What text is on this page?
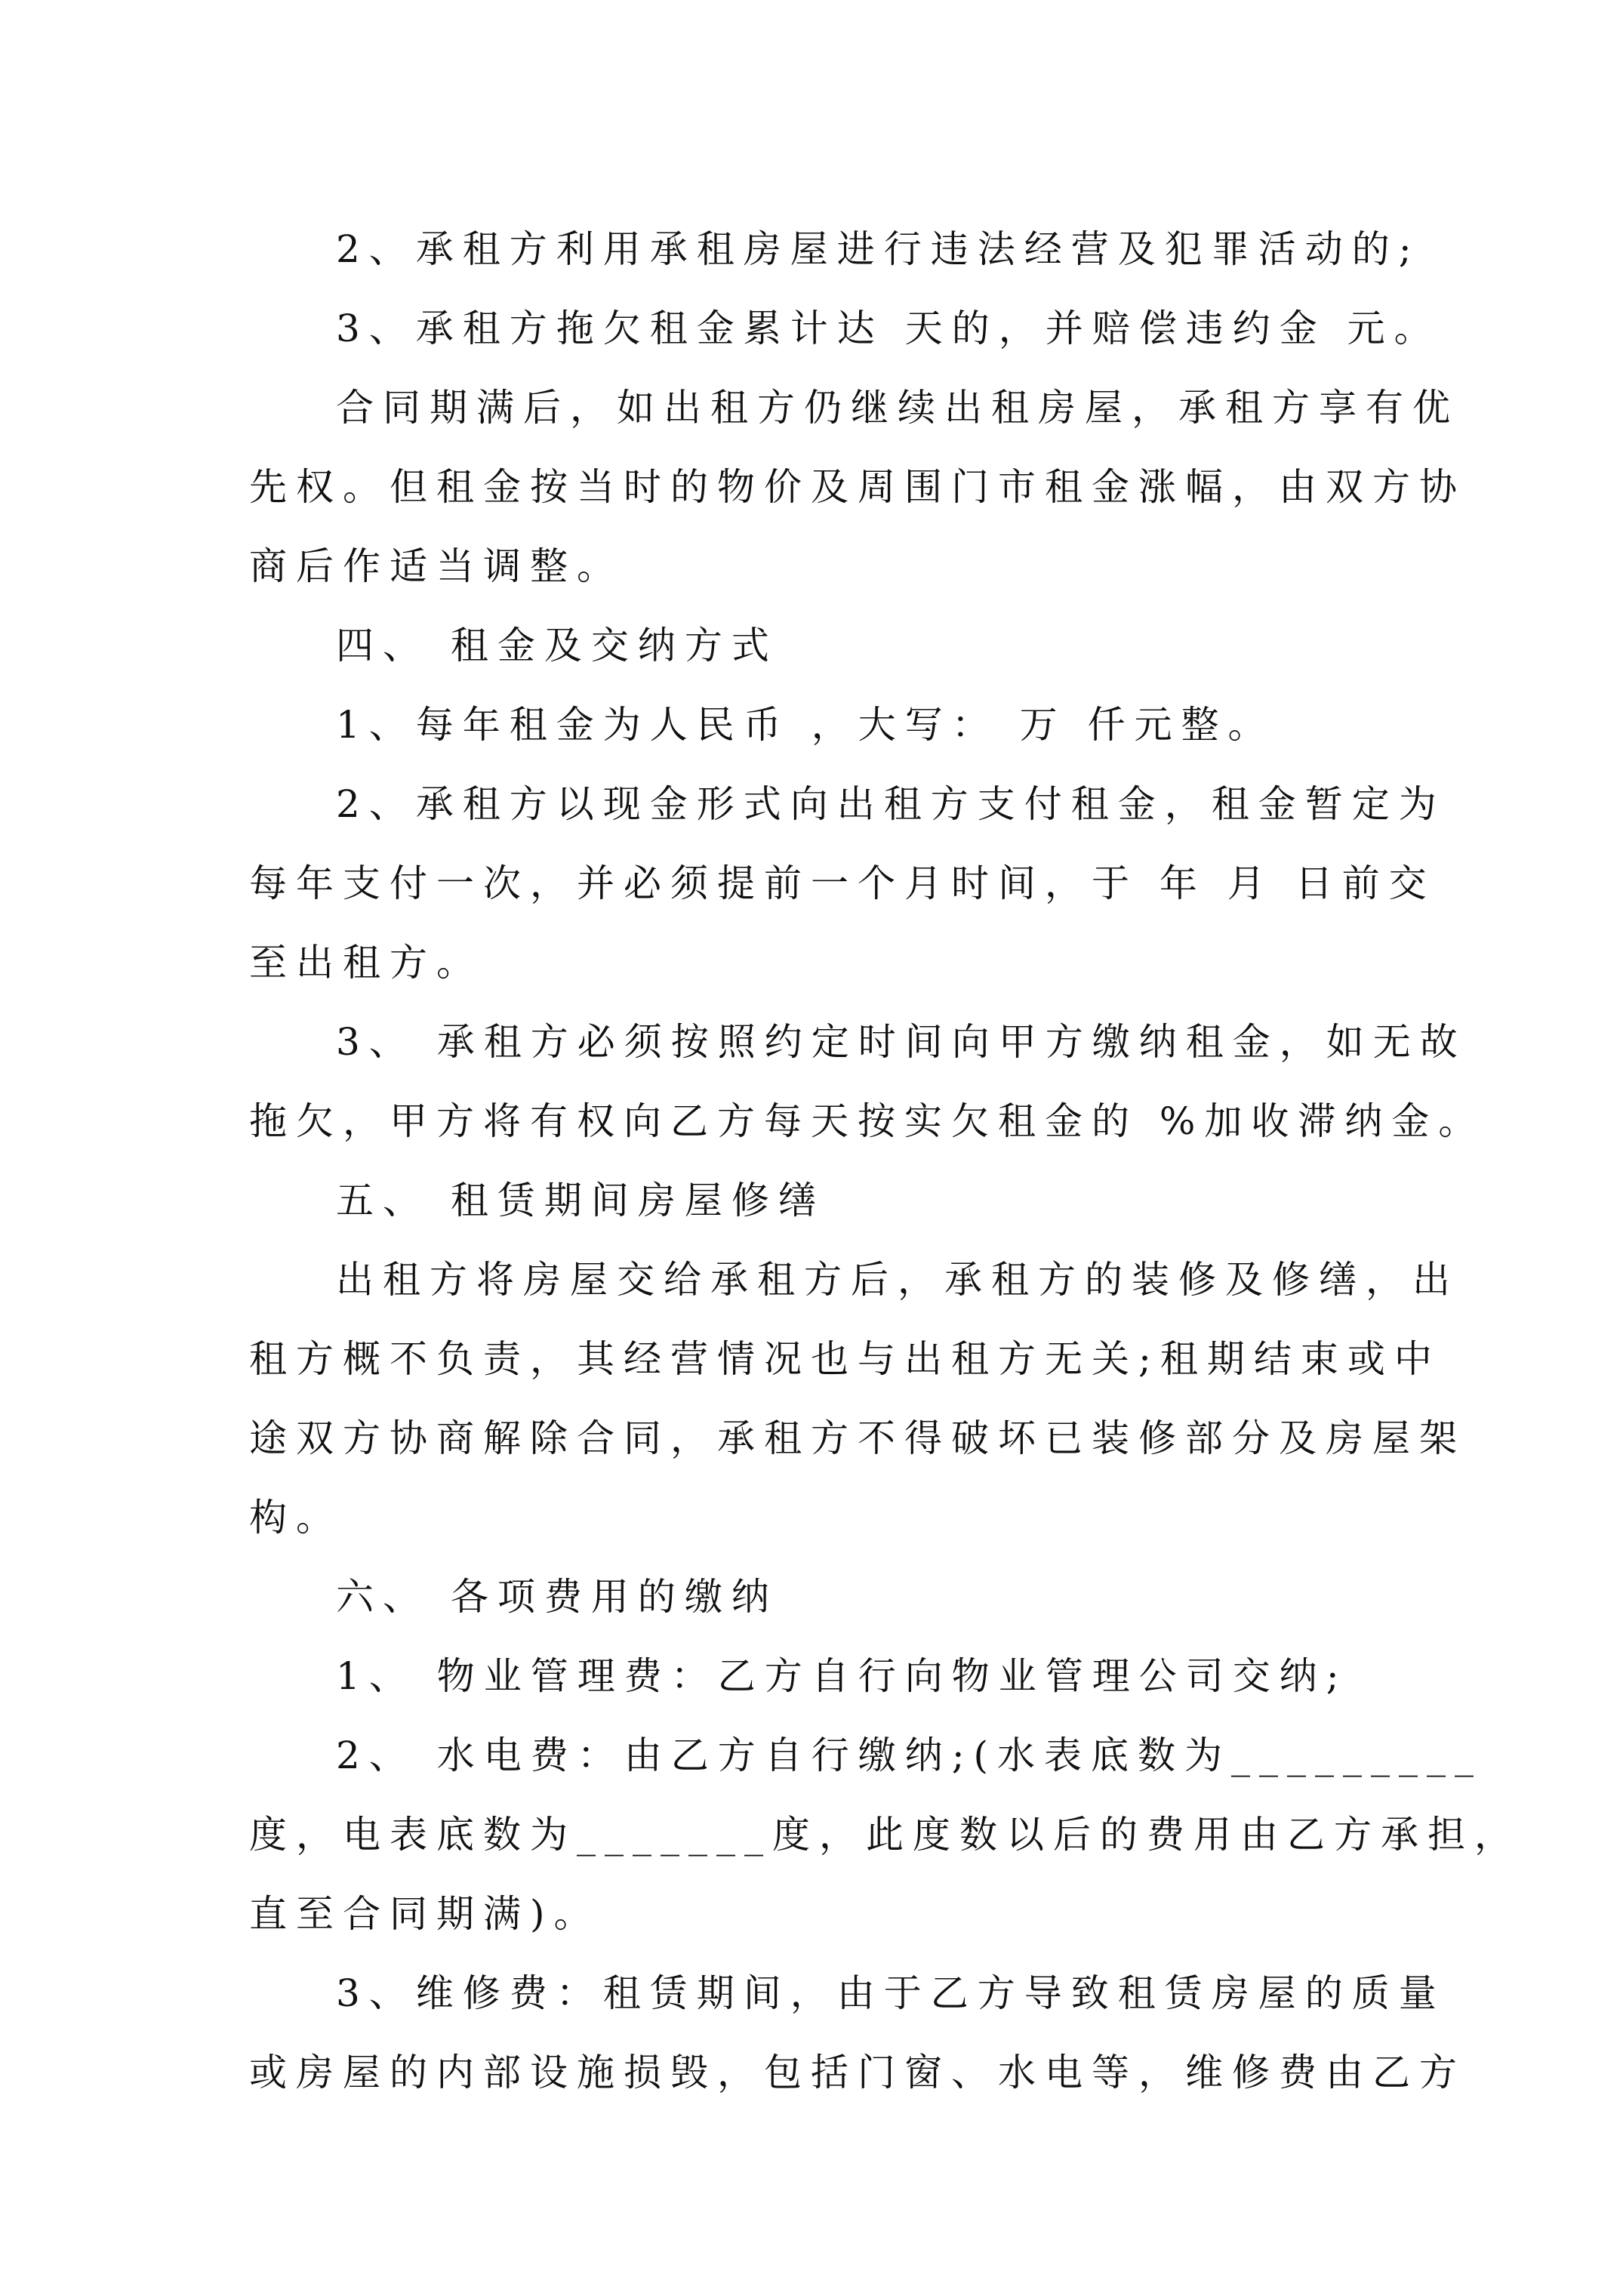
2、承租方利用承租房屋进行违法经营及犯罪活动的;
3、承租方拖欠租金累计达 天的，并赔偿违约金 元。
合同期满后，如出租方仍继续出租房屋，承租方享有优
先权。但租金按当时的物价及周围门市租金涨幅，由双方协
商后作适当调整。
四、 租金及交纳方式
1、每年租金为人民币 ，大写： 万 仟元整。
2、承租方以现金形式向出租方支付租金，租金暂定为
每年支付一次，并必须提前一个月时间，于 年 月 日前交
至出租方。
3、 承租方必须按照约定时间向甲方缴纳租金，如无故
拖欠，甲方将有权向乙方每天按实欠租金的 %加收滞纳金。
五、 租赁期间房屋修缮
出租方将房屋交给承租方后，承租方的装修及修缮，出
租方概不负责，其经营情况也与出租方无关;租期结束或中
途双方协商解除合同，承租方不得破坏已装修部分及房屋架
构。
六、 各项费用的缴纳
1、 物业管理费：乙方自行向物业管理公司交纳;
2、 水电费：由乙方自行缴纳;(水表底数为_________
度，电表底数为_______度，此度数以后的费用由乙方承担，
直至合同期满)。
3、维修费：租赁期间，由于乙方导致租赁房屋的质量
或房屋的内部设施损毁，包括门窗、水电等，维修费由乙方
